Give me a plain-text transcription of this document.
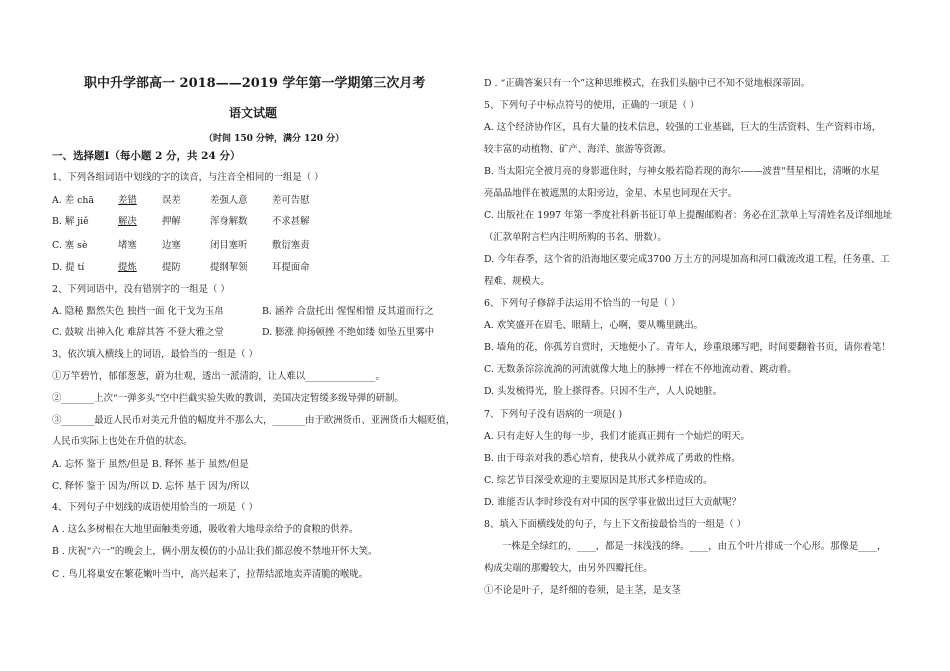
职中升学部高一 2018——2019 学年第一学期第三次月考
语文试题
（时间 150 分钟，满分 120 分）
一、选择题Ⅰ（每小题 2 分，共 24 分）
1、下列各组词语中划线的字的读音，与注音全相同的一组是（ ）
A. 差 chā	差错	误差	差强人意	差可告慰
B. 解 jiě	解决	押解	浑身解数	不求甚解
C. 塞 sè	堵塞	边塞	闭目塞听	敷衍塞责
D. 提 tí	提炼	提防	提纲挈领	耳提面命
2、下列词语中，没有错别字的一组是（ ）
A. 隐秘 黯然失色 独挡一面 化干戈为玉帛	B. 涵养 合盘托出 惺惺相惜 反其道而行之
C. 鼓唳 出神入化 难辞其答 不登大雅之堂	D. 膨涨 抑扬顿挫 不绝如缕 如坠五里雾中
3、依次填入横线上的词语，最恰当的一组是（ ）
①万竿碧竹，郁郁葱葱，蔚为壮观，透出一派清韵，让人难以_______________。
②_______上次“一弹多头”空中拦截实验失败的教训，美国决定暂缓多级导弹的研制。
③_______最近人民币对美元升值的幅度并不那么大，_______由于欧洲货币、亚洲货币大幅贬值，
人民币实际上也处在升值的状态。
A. 忘怀 鉴于 虽然/但是 B. 释怀 基于 虽然/但是
C. 释怀 鉴于 因为/所以 D. 忘怀 基于 因为/所以
4、下列句子中划线的成语使用恰当的一项是（ ）
A . 这么多树根在大地里面触类旁通，吸收着大地母亲给予的食粮的供养。
B . 庆祝“六一”的晚会上，俩小朋友模仿的小品让我们都忍俊不禁地开怀大笑。
C . 鸟儿将巢安在繁花嫩叶当中，高兴起来了，拉帮结派地卖弄清脆的喉咙。
D . “正确答案只有一个”这种思维模式，在我们头脑中已不知不觉地根深蒂固。
5、下列句子中标点符号的使用，正确的一项是（ ）
A. 这个经济协作区，具有大量的技术信息，较强的工业基础，巨大的生活资料、生产资料市场，
较丰富的动植物、矿产、海洋、旅游等资源。
B. 当太阳完全被月亮的身影遮住时，与神女般若隐若现的海尔-——波普"彗星相比，清晰的水星
亮晶晶地伴在被遮黑的太阳旁边，金星、木星也同现在天宇。
C. 出版社在 1997 年第一季度社科新书征订单上提醒邮购者：务必在汇款单上写清姓名及详细地址
（汇款单附言栏内注明所购的书名、册数）。
D. 今年春季，这个省的沿海地区要完成3700 万土方的河堤加高和河口截流改道工程，任务重、工
程难、规模大。
6、下列句子修辞手法运用不恰当的一句是（ ）
A. 欢笑盛开在眉毛、眼睛上，心啊，要从嘴里跳出。
B. 墙角的花，你孤芳自赏时，天地便小了。青年人，珍重琅琊写吧，时间要翻着书页，请你着笔！
C. 无数条淙淙流淌的河流就像大地上的脉搏一样在不停地流动着、跳动着。
D. 头发梳得光，脸上搽得香。只因不生产，人人说她脏。
7、下列句子没有语病的一项是( )
A. 只有走好人生的每一步，我们才能真正拥有一个灿烂的明天。
B. 由于母亲对我的悉心培育，使我从小就养成了勇敢的性格。
C. 综艺节目深受欢迎的主要原因是其形式多样造成的。
D. 谁能否认李时珍没有对中国的医学事业做出过巨大贡献呢？
8、填入下面横线处的句子，与上下文衔接最恰当的一组是（ ）
一株是全绿红的，____，都是一抹浅浅的绛。____，由五个叶片排成一个心形。那像是____，
构成尖端的那瓣较大，由另外四瓣托住。
①不论是叶子，是纤细的卷须，是主茎，是支茎
